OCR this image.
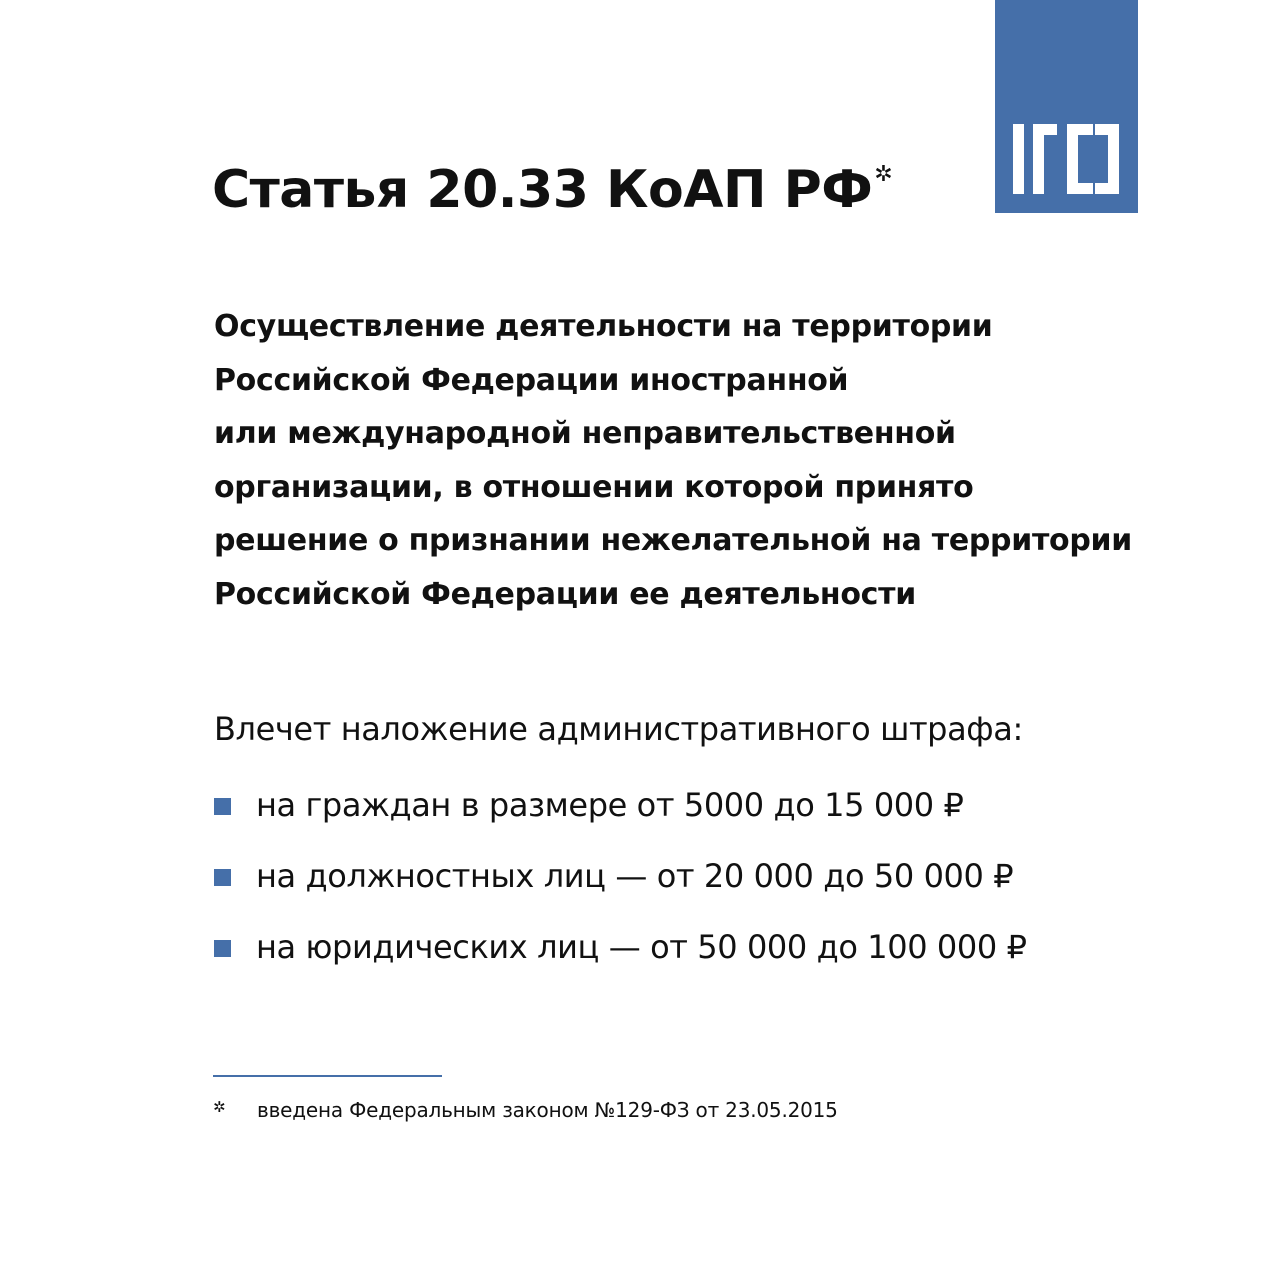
Статья 20.33 КоАП РФ✲
Осуществление деятельности на территории
Российской Федерации иностранной
или международной неправительственной
организации, в отношении которой принято
решение о признании нежелательной на территории
Российской Федерации ее деятельности

Влечет наложение административного штрафа:

на граждан в размере от 5000 до 15 000 ₽
на должностных лиц — от 20 000 до 50 000 ₽
на юридических лиц — от 50 000 до 100 000 ₽
✲ введена Федеральным законом №129-ФЗ от 23.05.2015
